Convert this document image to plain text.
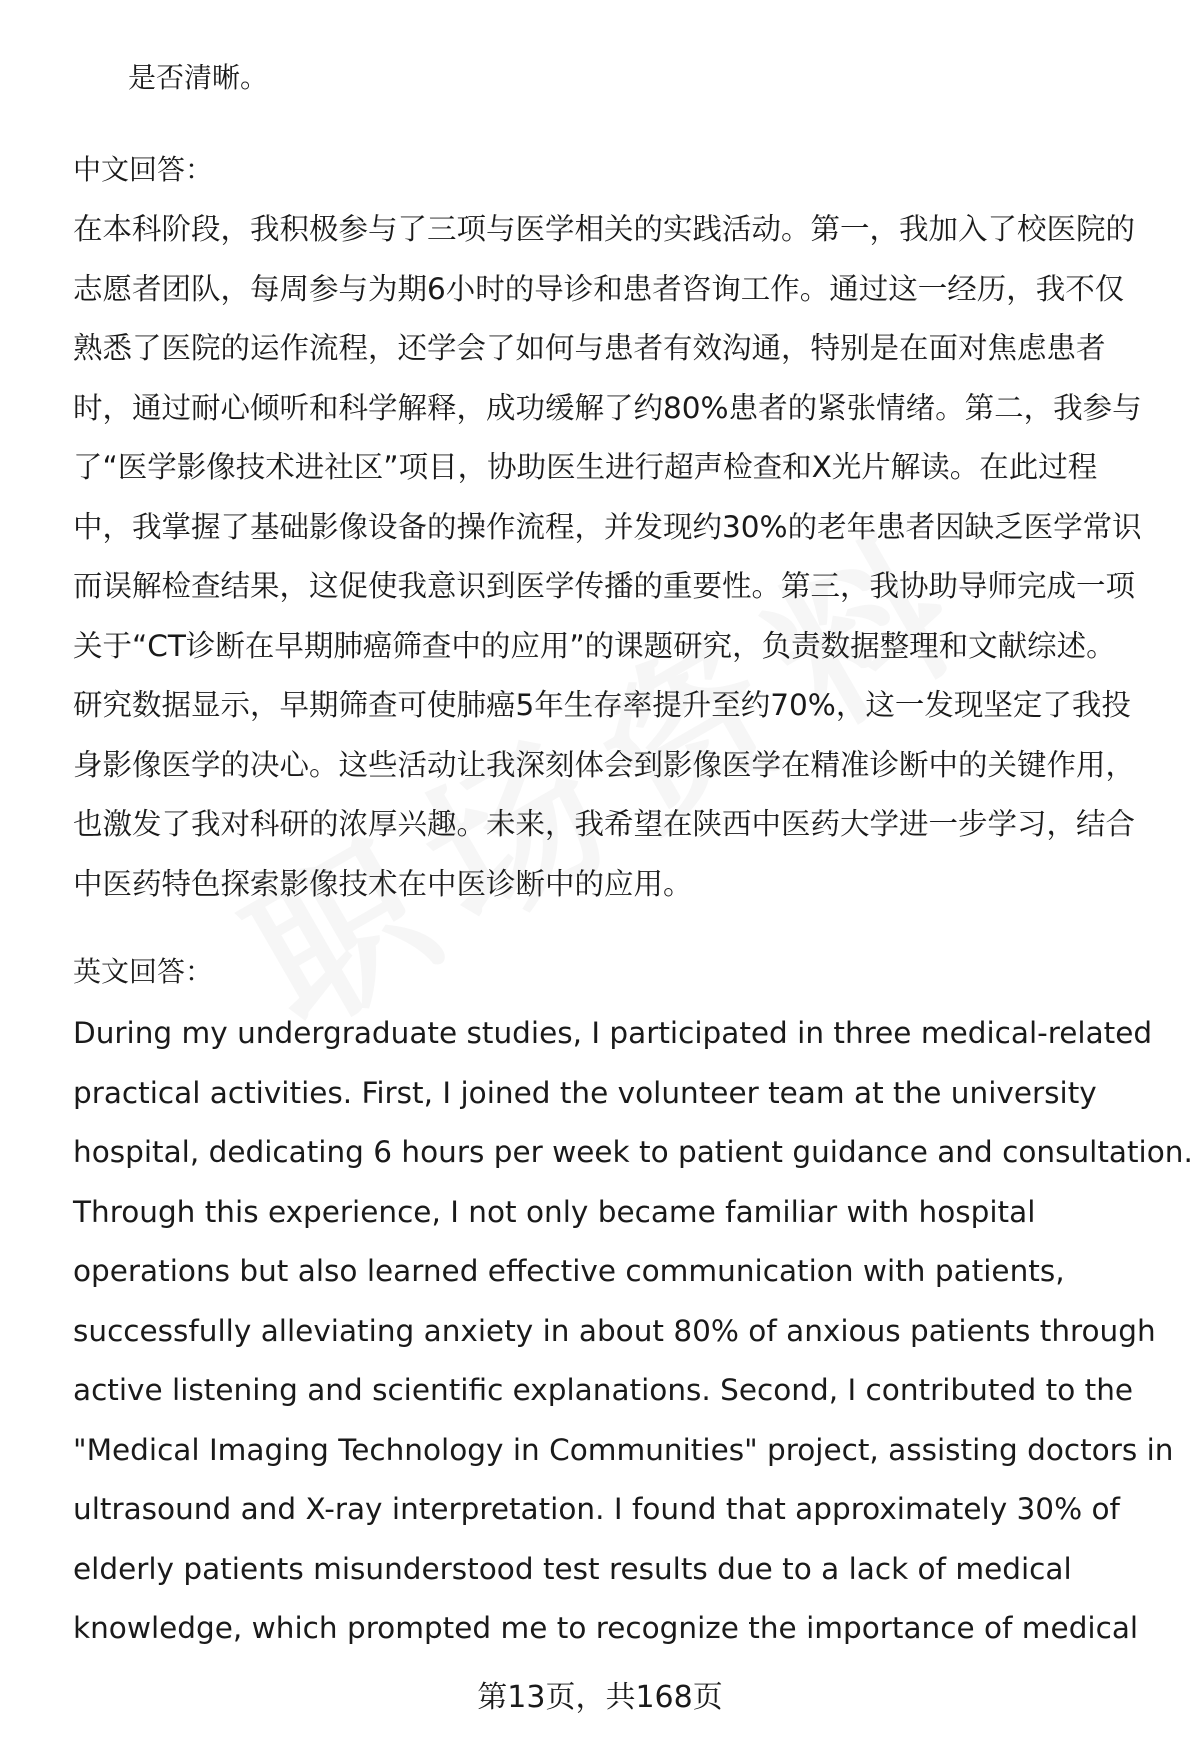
是否清晰。
中文回答：
在本科阶段，我积极参与了三项与医学相关的实践活动。第一，我加入了校医院的
志愿者团队，每周参与为期6小时的导诊和患者咨询工作。通过这一经历，我不仅
熟悉了医院的运作流程，还学会了如何与患者有效沟通，特别是在面对焦虑患者
时，通过耐心倾听和科学解释，成功缓解了约80%患者的紧张情绪。第二，我参与
了“医学影像技术进社区”项目，协助医生进行超声检查和X光片解读。在此过程
中，我掌握了基础影像设备的操作流程，并发现约30%的老年患者因缺乏医学常识
而误解检查结果，这促使我意识到医学传播的重要性。第三，我协助导师完成一项
关于“CT诊断在早期肺癌筛查中的应用”的课题研究，负责数据整理和文献综述。
研究数据显示，早期筛查可使肺癌5年生存率提升至约70%，这一发现坚定了我投
身影像医学的决心。这些活动让我深刻体会到影像医学在精准诊断中的关键作用，
也激发了我对科研的浓厚兴趣。未来，我希望在陕西中医药大学进一步学习，结合
中医药特色探索影像技术在中医诊断中的应用。
英文回答：
During my undergraduate studies, I participated in three medical-related
practical activities. First, I joined the volunteer team at the university
hospital, dedicating 6 hours per week to patient guidance and consultation.
Through this experience, I not only became familiar with hospital
operations but also learned effective communication with patients,
successfully alleviating anxiety in about 80% of anxious patients through
active listening and scientific explanations. Second, I contributed to the
"Medical Imaging Technology in Communities" project, assisting doctors in
ultrasound and X-ray interpretation. I found that approximately 30% of
elderly patients misunderstood test results due to a lack of medical
knowledge, which prompted me to recognize the importance of medical
第13页，共168页
